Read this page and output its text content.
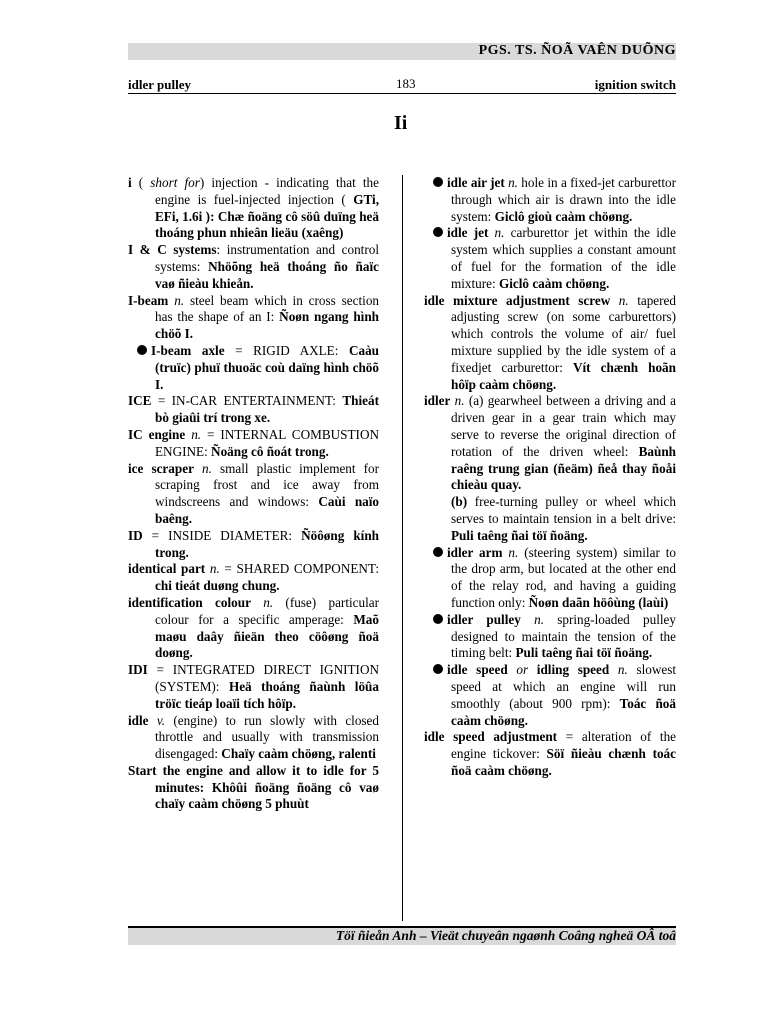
PGS. TS. ÑOÃ VAÊN DUÕNG
idler pulley	183	ignition switch
Ii
i ( short for) injection - indicating that the engine is fuel-injected injection ( GTi, EFi, 1.6i ): Chæ ñoäng cô söû duïng heä thoáng phun nhieân lieäu (xaêng)
I & C systems: instrumentation and control systems: Nhöõng heä thoáng ño ñaïc vaø ñieàu khieån.
I-beam n. steel beam which in cross section has the shape of an I: Ñoøn ngang hình chöõ I.
I-beam axle = RIGID AXLE: Caàu (truïc) phuï thuoäc coù daïng hình chöõ I.
ICE = IN-CAR ENTERTAINMENT: Thieát bò giaûi trí trong xe.
IC engine n. = INTERNAL COMBUSTION ENGINE: Ñoäng cô ñoát trong.
ice scraper n. small plastic implement for scraping frost and ice away from windscreens and windows: Caùi naïo baêng.
ID = INSIDE DIAMETER: Ñöôøng kính trong.
identical part n. = SHARED COMPONENT: chi tieát duøng chung.
identification colour n. (fuse) particular colour for a specific amperage: Maõ maøu daây ñieän theo cöôøng ñoä doøng.
IDI = INTEGRATED DIRECT IGNITION (SYSTEM): Heä thoáng ñaùnh löûa tröïc tieáp loaïi tích hôïp.
idle v. (engine) to run slowly with closed throttle and usually with transmission disengaged: Chaïy caàm chöøng, ralenti
Start the engine and allow it to idle for 5 minutes: Khôûi ñoäng ñoäng cô vaø chaïy caàm chöøng 5 phuùt
idle air jet n. hole in a fixed-jet carburettor through which air is drawn into the idle system: Giclô gioù caàm chöøng.
idle jet n. carburettor jet within the idle system which supplies a constant amount of fuel for the formation of the idle mixture: Giclô caàm chöøng.
idle mixture adjustment screw n. tapered adjusting screw (on some carburettors) which controls the volume of air/ fuel mixture supplied by the idle system of a fixedjet carburettor: Vít chænh hoãn hôïp caàm chöøng.
idler n. (a) gearwheel between a driving and a driven gear in a gear train which may serve to reverse the original direction of rotation of the driven wheel: Baùnh raêng trung gian (ñeäm) ñeå thay ñoåi chieàu quay.
(b) free-turning pulley or wheel which serves to maintain tension in a belt drive: Puli taêng ñai töï ñoäng.
idler arm n. (steering system) similar to the drop arm, but located at the other end of the relay rod, and having a guiding function only: Ñoøn daãn höôùng (laùi)
idler pulley n. spring-loaded pulley designed to maintain the tension of the timing belt: Puli taêng ñai töï ñoäng.
idle speed or idling speed n. slowest speed at which an engine will run smoothly (about 900 rpm): Toác ñoä caàm chöøng.
idle speed adjustment = alteration of the engine tickover: Söï ñieàu chænh toác ñoä caàm chöøng.
Töï ñieån Anh – Vieät chuyeân ngaønh Coâng ngheä OÂ toâ
